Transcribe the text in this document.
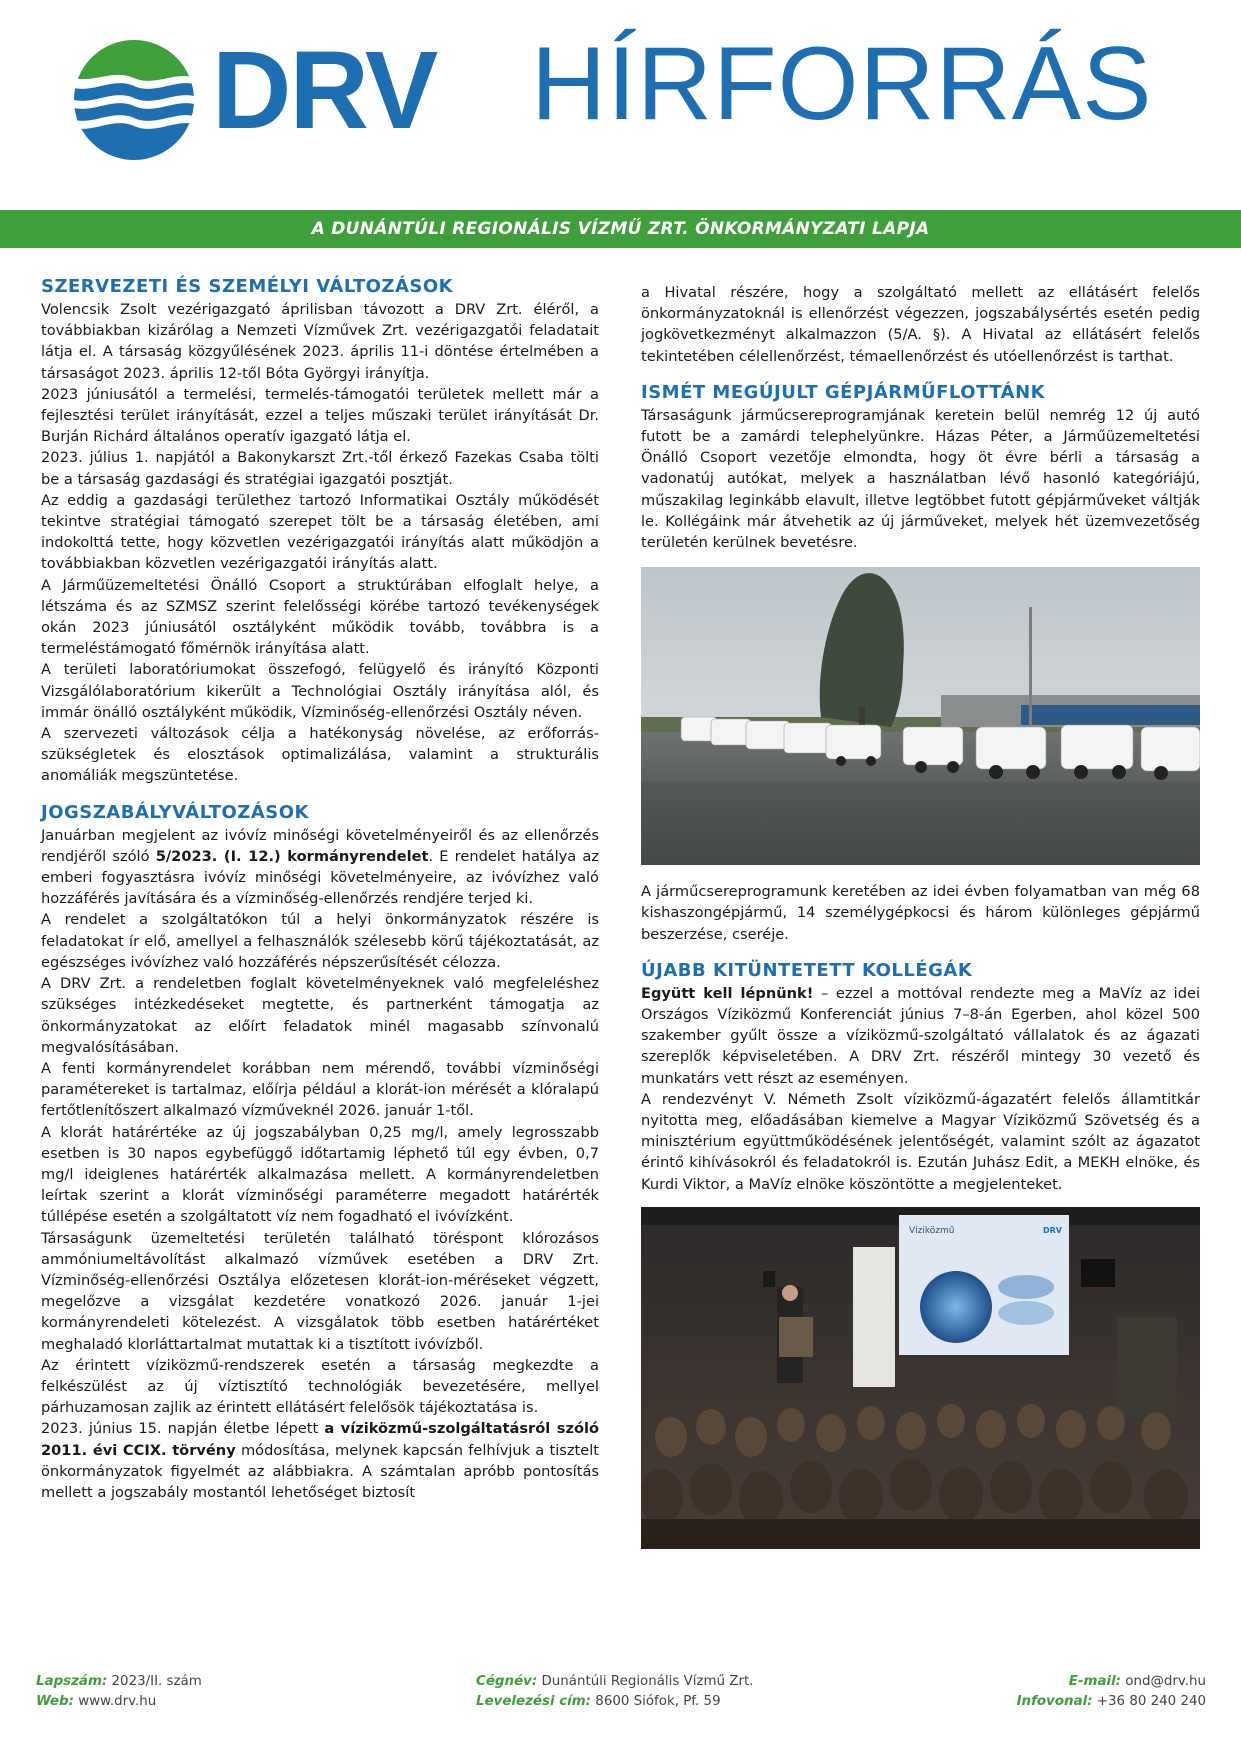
DRV HÍRFORRÁS
A DUNÁNTÚLI REGIONÁLIS VÍZMŰ ZRT. ÖNKORMÁNYZATI LAPJA
SZERVEZETI ÉS SZEMÉLYI VÁLTOZÁSOK

Volencsik Zsolt vezérigazgató áprilisban távozott a DRV Zrt. éléről, a továbbiakban kizárólag a Nemzeti Vízművek Zrt. vezérigazgatói feladatait látja el. A társaság közgyűlésének 2023. április 11-i döntése értelmében a társaságot 2023. április 12-től Bóta Györgyi irányítja.

2023 júniusától a termelési, termelés-támogatói területek mellett már a fejlesztési terület irányítását, ezzel a teljes műszaki terület irányítását Dr. Burján Richárd általános operatív igazgató látja el.

2023. július 1. napjától a Bakonykarszt Zrt.-től érkező Fazekas Csaba tölti be a társaság gazdasági és stratégiai igazgatói posztját.

Az eddig a gazdasági területhez tartozó Informatikai Osztály működését tekintve stratégiai támogató szerepet tölt be a társaság életében, ami indokolttá tette, hogy közvetlen vezérigazgatói irányítás alatt működjön a továbbiakban közvetlen vezérigazgatói irányítás alatt.

A Járműüzemeltetési Önálló Csoport a struktúrában elfoglalt helye, a létszáma és az SZMSZ szerint felelősségi körébe tartozó tevékenységek okán 2023 júniusától osztályként működik tovább, továbbra is a termeléstámogató főmérnök irányítása alatt.

A területi laboratóriumokat összefogó, felügyelő és irányító Központi Vizsgálólaboratórium kikerült a Technológiai Osztály irányítása alól, és immár önálló osztályként működik, Vízminőség-ellenőrzési Osztály néven.

A szervezeti változások célja a hatékonyság növelése, az erőforrás-szükségletek és elosztások optimalizálása, valamint a strukturális anomáliák megszüntetése.

JOGSZABÁLYVÁLTOZÁSOK

Januárban megjelent az ivóvíz minőségi követelményeiről és az ellenőrzés rendjéről szóló 5/2023. (I. 12.) kormányrendelet. E rendelet hatálya az emberi fogyasztásra ivóvíz minőségi követelményeire, az ivóvízhez való hozzáférés javítására és a vízminőség-ellenőrzés rendjére terjed ki.

A rendelet a szolgáltatókon túl a helyi önkormányzatok részére is feladatokat ír elő, amellyel a felhasználók szélesebb körű tájékoztatását, az egészséges ivóvízhez való hozzáférés népszerűsítését célozza.

A DRV Zrt. a rendeletben foglalt követelményeknek való megfeleléshez szükséges intézkedéseket megtette, és partnerként támogatja az önkormányzatokat az előírt feladatok minél magasabb színvonalú megvalósításában.

A fenti kormányrendelet korábban nem mérendő, további vízminőségi paramétereket is tartalmaz, előírja például a klorát-ion mérését a klóralapú fertőtlenítőszert alkalmazó vízműveknél 2026. január 1-től.

A klorát határértéke az új jogszabályban 0,25 mg/l, amely legrosszabb esetben is 30 napos egybefüggő időtartamig léphető túl egy évben, 0,7 mg/l ideiglenes határérték alkalmazása mellett. A kormányrendeletben leírtak szerint a klorát vízminőségi paraméterre megadott határérték túllépése esetén a szolgáltatott víz nem fogadható el ivóvízként.

Társaságunk üzemeltetési területén található töréspont klórozásos ammóniumeltávolítást alkalmazó vízművek esetében a DRV Zrt. Vízminőség-ellenőrzési Osztálya előzetesen klorát-ion-méréseket végzett, megelőzve a vizsgálat kezdetére vonatkozó 2026. január 1-jei kormányrendeleti kötelezést. A vizsgálatok több esetben határértéket meghaladó klorláttartalmat mutattak ki a tisztított ivóvízből.

Az érintett víziközmű-rendszerek esetén a társaság megkezdte a felkészülést az új víztisztító technológiák bevezetésére, mellyel párhuzamosan zajlik az érintett ellátásért felelősök tájékoztatása is.

2023. június 15. napján életbe lépett a víziközmű-szolgáltatásról szóló 2011. évi CCIX. törvény módosítása, melynek kapcsán felhívjuk a tisztelt önkormányzatok figyelmét az alábbiakra. A számtalan apróbb pontosítás mellett a jogszabály mostantól lehetőséget biztosít

a Hivatal részére, hogy a szolgáltató mellett az ellátásért felelős önkormányzatoknál is ellenőrzést végezzen, jogszabálysértés esetén pedig jogkövetkezményt alkalmazzon (5/A. §). A Hivatal az ellátásért felelős tekintetében célellenőrzést, témaellenőrzést és utóellenőrzést is tarthat.

ISMÉT MEGÚJULT GÉPJÁRMŰFLOTTÁNK

Társaságunk járműcsereprogramjának keretein belül nemrég 12 új autó futott be a zamárdi telephelyünkre. Házas Péter, a Járműüzemeltetési Önálló Csoport vezetője elmondta, hogy öt évre bérli a társaság a vadonatúj autókat, melyek a használatban lévő hasonló kategóriájú, műszakilag leginkább elavult, illetve legtöbbet futott gépjárműveket váltják le. Kollégáink már átvehetik az új járműveket, melyek hét üzemvezetőség területén kerülnek bevetésre.

A járműcsereprogramunk keretében az idei évben folyamatban van még 68 kishaszongépjármű, 14 személygépkocsi és három különleges gépjármű beszerzése, cseréje.

ÚJABB KITÜNTETETT KOLLÉGÁK

Együtt kell lépnünk! – ezzel a mottóval rendezte meg a MaVíz az idei Országos Víziközmű Konferenciát június 7–8-án Egerben, ahol közel 500 szakember gyűlt össze a víziközmű-szolgáltató vállalatok és az ágazati szereplők képviseletében. A DRV Zrt. részéről mintegy 30 vezető és munkatárs vett részt az eseményen.

A rendezvényt V. Németh Zsolt víziközmű-ágazatért felelős államtitkár nyitotta meg, előadásában kiemelve a Magyar Víziközmű Szövetség és a minisztérium együttműködésének jelentőségét, valamint szólt az ágazatot érintő kihívásokról és feladatokról is. Ezután Juhász Edit, a MEKH elnöke, és Kurdi Viktor, a MaVíz elnöke köszöntötte a megjelenteket.

Víziközmű	DRV
Lapszám: 2023/II. szám
Web: www.drv.hu
Cégnév: Dunántúli Regionális Vízmű Zrt.
Levelezési cím: 8600 Siófok, Pf. 59
E-mail: ond@drv.hu
Infovonal: +36 80 240 240
